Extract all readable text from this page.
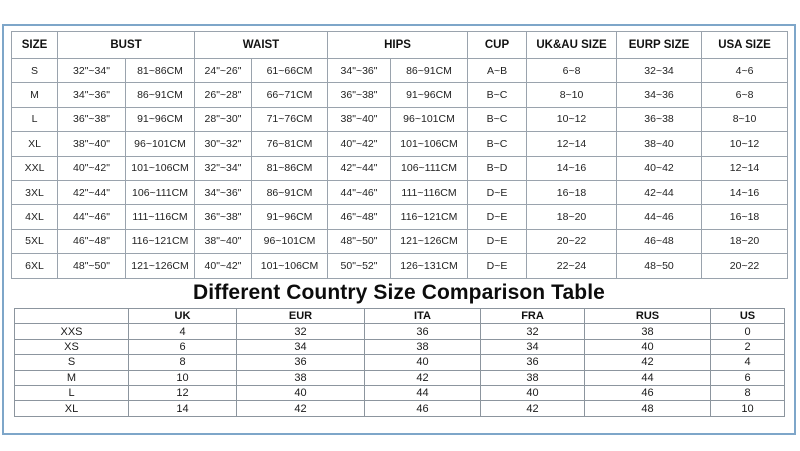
SIZE	BUST		WAIST		HIPS		CUP	UK&AU SIZE	EURP SIZE	USA SIZE
S	32"~34"	81~86CM	24"~26"	61~66CM	34"~36"	86~91CM	A~B	6~8	32~34	4~6
M	34"~36"	86~91CM	26"~28"	66~71CM	36"~38"	91~96CM	B~C	8~10	34~36	6~8
L	36"~38"	91~96CM	28"~30"	71~76CM	38"~40"	96~101CM	B~C	10~12	36~38	8~10
XL	38"~40"	96~101CM	30"~32"	76~81CM	40"~42"	101~106CM	B~C	12~14	38~40	10~12
XXL	40"~42"	101~106CM	32"~34"	81~86CM	42"~44"	106~111CM	B~D	14~16	40~42	12~14
3XL	42"~44"	106~111CM	34"~36"	86~91CM	44"~46"	111~116CM	D~E	16~18	42~44	14~16
4XL	44"~46"	111~116CM	36"~38"	91~96CM	46"~48"	116~121CM	D~E	18~20	44~46	16~18
5XL	46"~48"	116~121CM	38"~40"	96~101CM	48"~50"	121~126CM	D~E	20~22	46~48	18~20
6XL	48"~50"	121~126CM	40"~42"	101~106CM	50"~52"	126~131CM	D~E	22~24	48~50	20~22
Different Country Size Comparison Table
	UK	EUR	ITA	FRA	RUS	US
XXS	4	32	36	32	38	0
XS	6	34	38	34	40	2
S	8	36	40	36	42	4
M	10	38	42	38	44	6
L	12	40	44	40	46	8
XL	14	42	46	42	48	10
